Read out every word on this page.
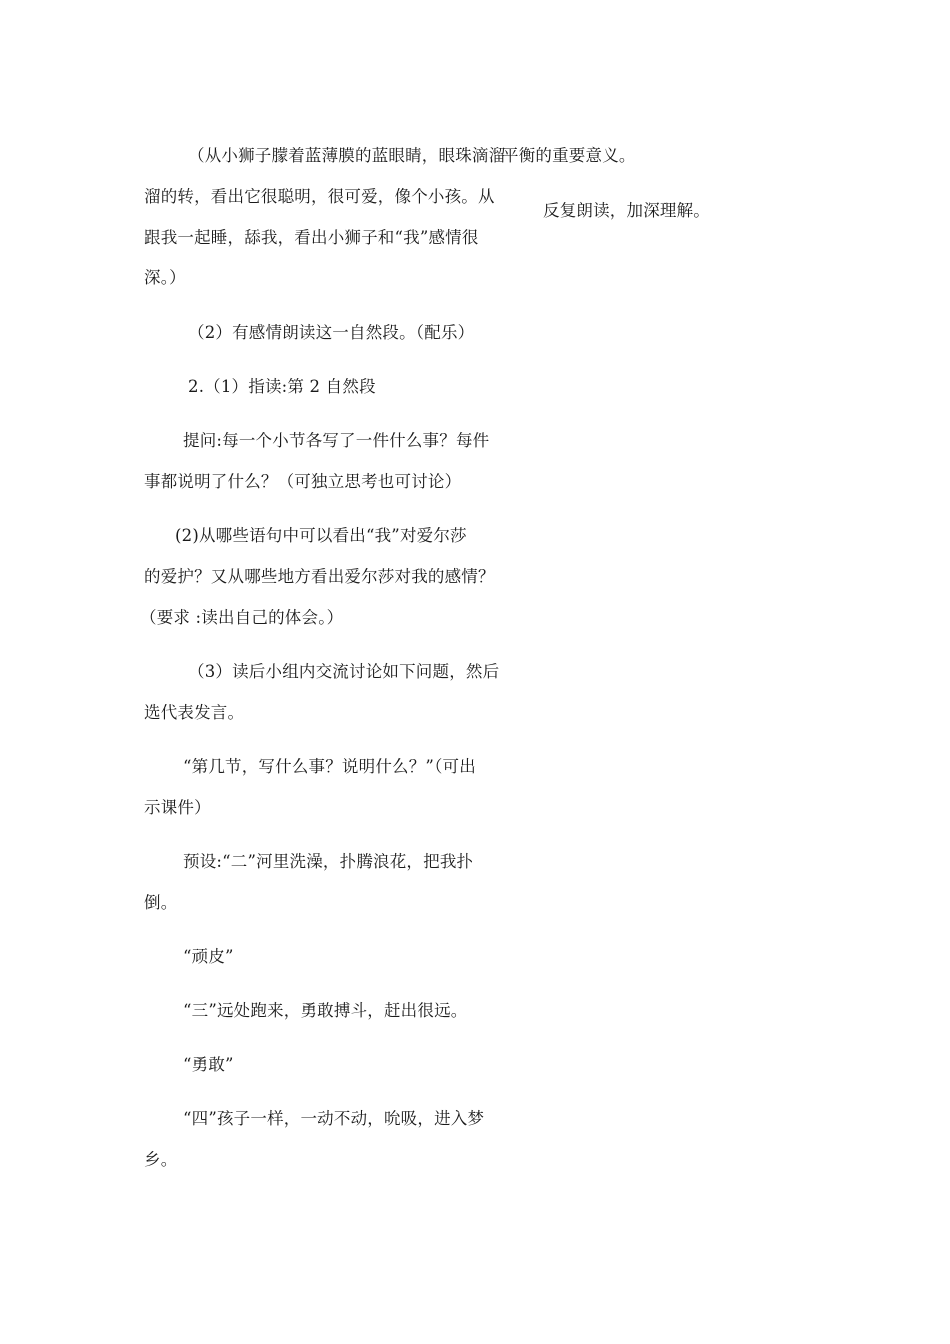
（从小狮子朦着蓝薄膜的蓝眼睛，眼珠滴溜
溜的转，看出它很聪明，很可爱，像个小孩。从
跟我一起睡，舔我，看出小狮子和“我”感情很
深。）
（2）有感情朗读这一自然段。（配乐）
2.（1）指读:第 2 自然段
提问:每一个小节各写了一件什么事？每件
事都说明了什么？（可独立思考也可讨论）
(2)从哪些语句中可以看出“我”对爱尔莎
的爱护？又从哪些地方看出爱尔莎对我的感情？
（要求 :读出自己的体会。）
（3）读后小组内交流讨论如下问题，然后
选代表发言。
“第几节，写什么事？说明什么？”（可出
示课件）
预设:“二”河里洗澡，扑腾浪花，把我扑
倒。
“顽皮”
“三”远处跑来，勇敢搏斗，赶出很远。
“勇敢”
“四”孩子一样，一动不动，吮吸，进入梦
乡。
平衡的重要意义。
反复朗读，加深理解。
